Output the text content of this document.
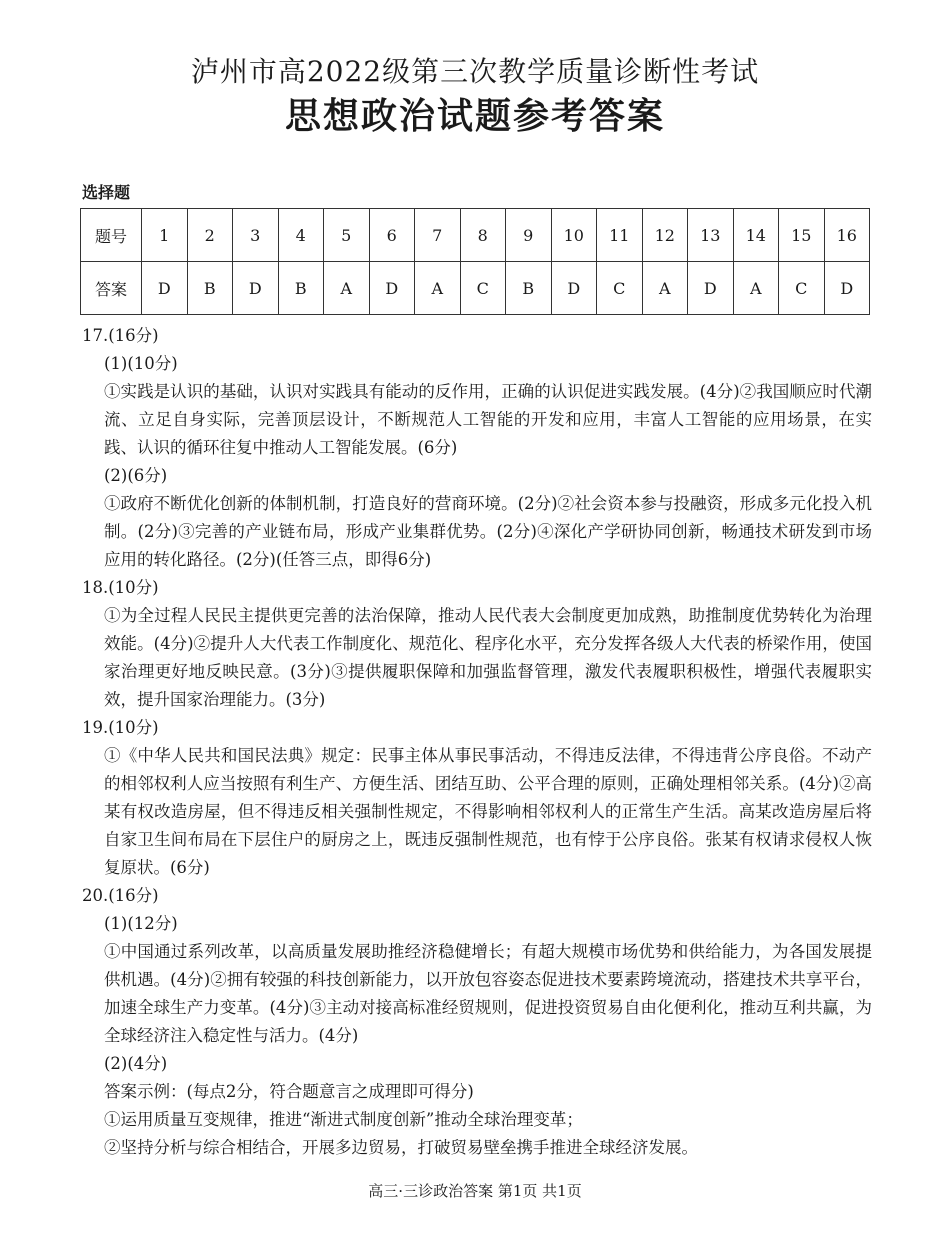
泸州市高2022级第三次教学质量诊断性考试
思想政治试题参考答案
选择题
题号	1	2	3	4	5	6	7	8	9	10	11	12	13	14	15	16
答案	D	B	D	B	A	D	A	C	B	D	C	A	D	A	C	D

17.(16分)

(1)(10分)

①实践是认识的基础，认识对实践具有能动的反作用，正确的认识促进实践发展。(4分)②我国顺应时代潮流、立足自身实际，完善顶层设计，不断规范人工智能的开发和应用，丰富人工智能的应用场景，在实践、认识的循环往复中推动人工智能发展。(6分)

(2)(6分)

①政府不断优化创新的体制机制，打造良好的营商环境。(2分)②社会资本参与投融资，形成多元化投入机制。(2分)③完善的产业链布局，形成产业集群优势。(2分)④深化产学研协同创新，畅通技术研发到市场应用的转化路径。(2分)(任答三点，即得6分)

18.(10分)

①为全过程人民民主提供更完善的法治保障，推动人民代表大会制度更加成熟，助推制度优势转化为治理效能。(4分)②提升人大代表工作制度化、规范化、程序化水平，充分发挥各级人大代表的桥梁作用，使国家治理更好地反映民意。(3分)③提供履职保障和加强监督管理，激发代表履职积极性，增强代表履职实效，提升国家治理能力。(3分)

19.(10分)

①《中华人民共和国民法典》规定：民事主体从事民事活动，不得违反法律，不得违背公序良俗。不动产的相邻权利人应当按照有利生产、方便生活、团结互助、公平合理的原则，正确处理相邻关系。(4分)②高某有权改造房屋，但不得违反相关强制性规定，不得影响相邻权利人的正常生产生活。高某改造房屋后将自家卫生间布局在下层住户的厨房之上，既违反强制性规范，也有悖于公序良俗。张某有权请求侵权人恢复原状。(6分)

20.(16分)

(1)(12分)

①中国通过系列改革，以高质量发展助推经济稳健增长；有超大规模市场优势和供给能力，为各国发展提供机遇。(4分)②拥有较强的科技创新能力，以开放包容姿态促进技术要素跨境流动，搭建技术共享平台，加速全球生产力变革。(4分)③主动对接高标准经贸规则，促进投资贸易自由化便利化，推动互利共赢，为全球经济注入稳定性与活力。(4分)

(2)(4分)

答案示例：(每点2分，符合题意言之成理即可得分)

①运用质量互变规律，推进“渐进式制度创新”推动全球治理变革；

②坚持分析与综合相结合，开展多边贸易，打破贸易壁垒携手推进全球经济发展。

高三·三诊政治答案 第1页 共1页
